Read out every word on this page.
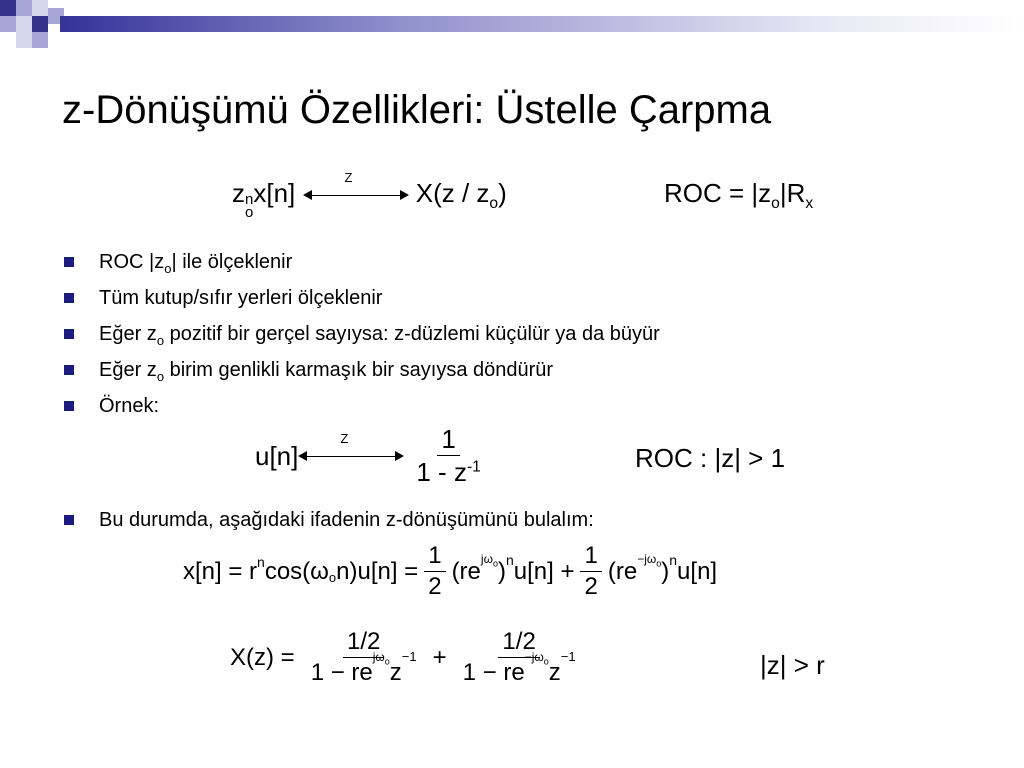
z-Dönüşümü Özellikleri: Üstelle Çarpma
z n
o
x[n]
Z
$X(z / z_o)$	ROC = $|z_o|R_x$
ROC $|z_o|$ ile ölçeklenir
Tüm kutup/sıfır yerleri ölçeklenir
Eğer $z_o$ pozitif bir gerçel sayıysa: z-düzlemi küçülür ya da büyür
Eğer $z_o$ birim genlikli karmaşık bir sayıysa döndürür
Örnek:
u[n]
Z $\frac{1}{1 - z^{-1}}$	ROC : |z| > 1
Bu durumda, aşağıdaki ifadenin z-dönüşümünü bulalım:
$x[n] = r^n$ $\cos(\omega_o$ $n)u[n] = \frac{1}{2} (re$ $^{j\omega_o}$ )$^n$ $u[n] + \frac{1}{2} (re$ $^{-j\omega_o}$ )$^n$ u[n]
$X(z) = \frac{1/2}{1 - re^{j\omega_o}z^{-1}} + \frac{1/2}{1 - re^{-j\omega_o}z^{-1}}$	|z| > r
